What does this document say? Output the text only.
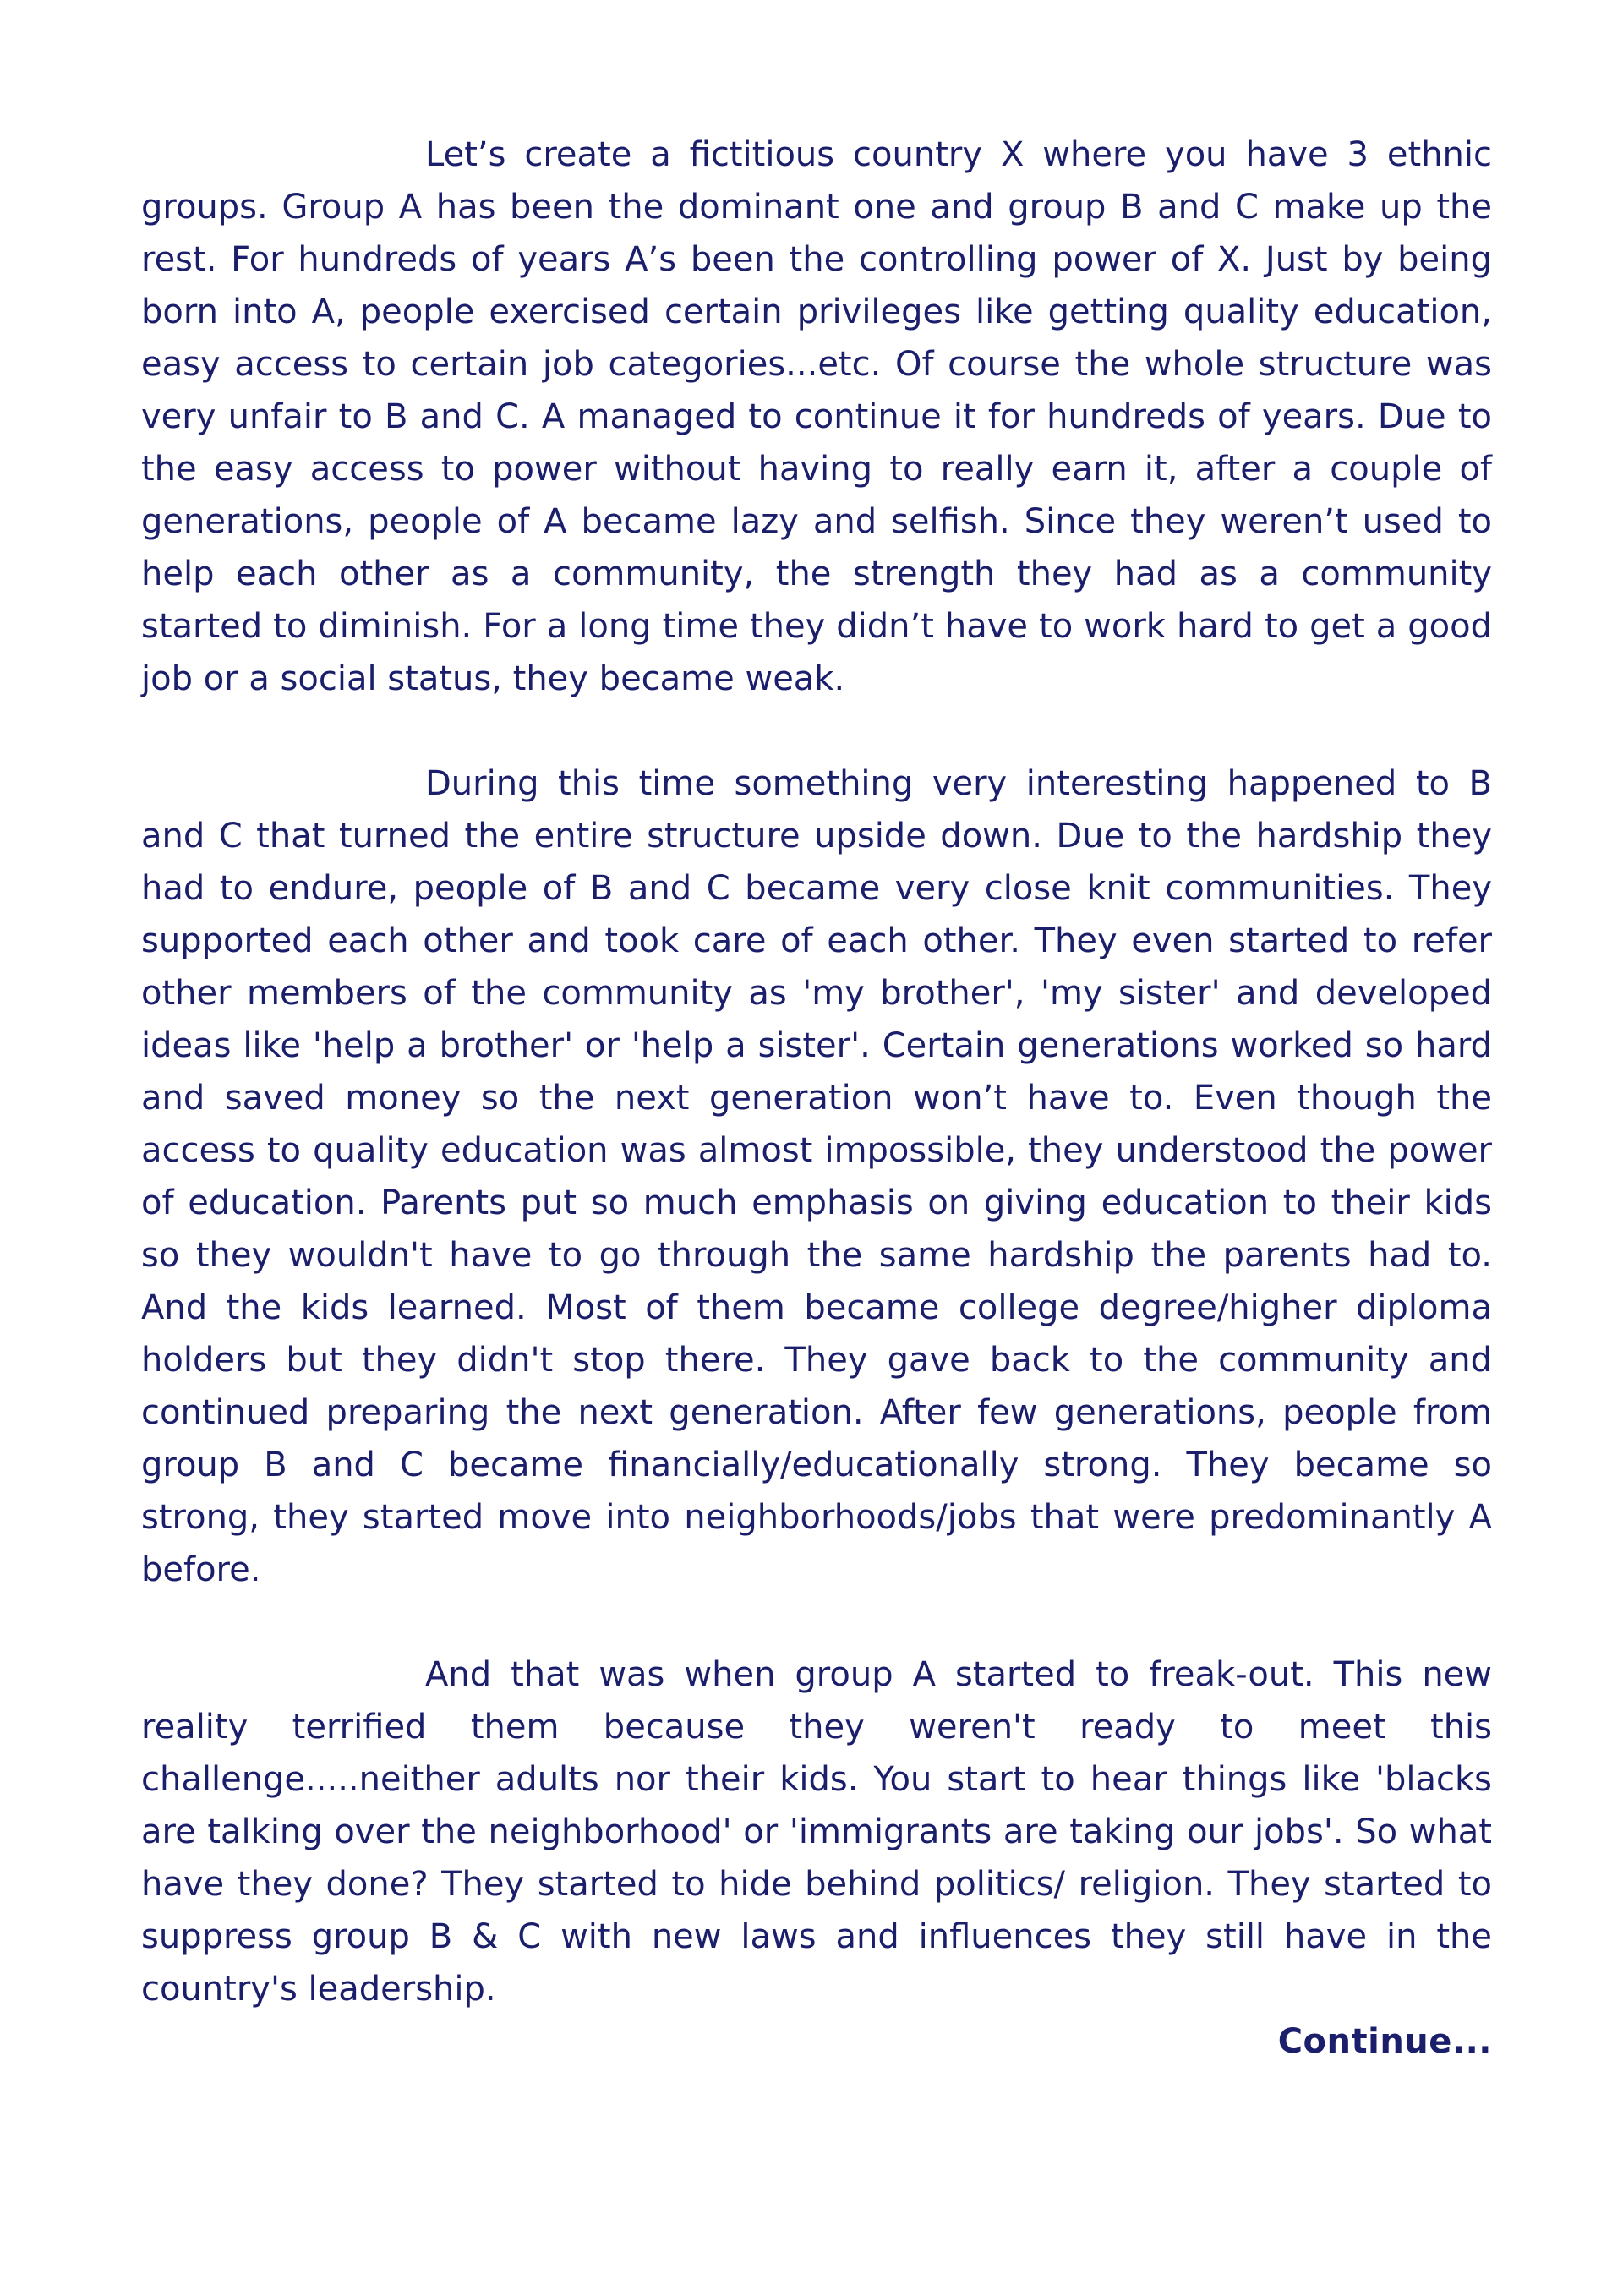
Let’s create a fictitious country X where you have 3 ethnic groups. Group A has been the dominant one and group B and C make up the rest. For hundreds of years A’s been the controlling power of X. Just by being born into A, people exercised certain privileges like getting quality education, easy access to certain job categories...etc. Of course the whole structure was very unfair to B and C. A managed to continue it for hundreds of years. Due to the easy access to power without having to really earn it, after a couple of generations, people of A became lazy and selfish. Since they weren’t used to help each other as a community, the strength they had as a community started to diminish. For a long time they didn’t have to work hard to get a good job or a social status, they became weak.

During this time something very interesting happened to B and C that turned the entire structure upside down. Due to the hardship they had to endure, people of B and C became very close knit communities. They supported each other and took care of each other. They even started to refer other members of the community as 'my brother', 'my sister' and developed ideas like 'help a brother' or 'help a sister'. Certain generations worked so hard and saved money so the next generation won’t have to. Even though the access to quality education was almost impossible, they understood the power of education. Parents put so much emphasis on giving education to their kids so they wouldn't have to go through the same hardship the parents had to. And the kids learned. Most of them became college degree/higher diploma holders but they didn't stop there. They gave back to the community and continued preparing the next generation. After few generations, people from group B and C became financially/educationally strong. They became so strong, they started move into neighborhoods/jobs that were predominantly A before.

And that was when group A started to freak-out. This new reality terrified them because they weren't ready to meet this challenge.....neither adults nor their kids. You start to hear things like 'blacks are talking over the neighborhood' or 'immigrants are taking our jobs'. So what have they done? They started to hide behind politics/ religion. They started to suppress group B & C with new laws and influences they still have in the country's leadership.

Continue...
